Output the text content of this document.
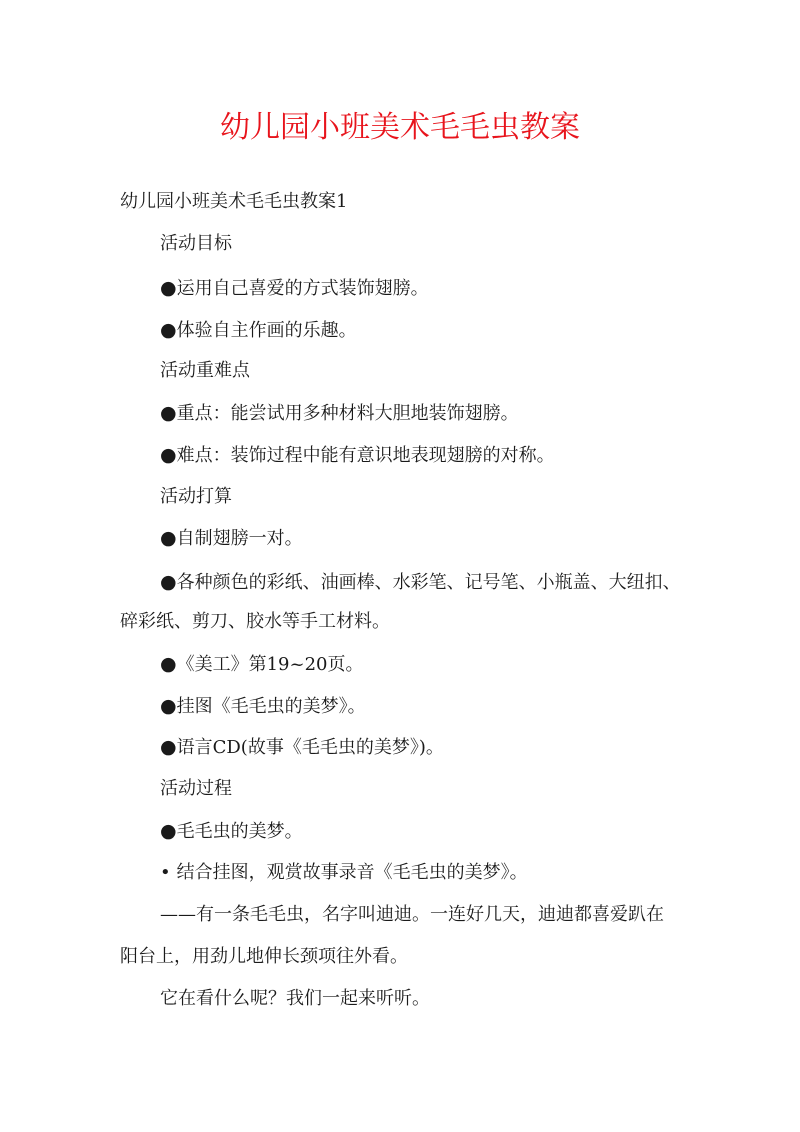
幼儿园小班美术毛毛虫教案

幼儿园小班美术毛毛虫教案1

活动目标

●运用自己喜爱的方式装饰翅膀。

●体验自主作画的乐趣。

活动重难点

●重点：能尝试用多种材料大胆地装饰翅膀。

●难点：装饰过程中能有意识地表现翅膀的对称。

活动打算

●自制翅膀一对。

●各种颜色的彩纸、油画棒、水彩笔、记号笔、小瓶盖、大纽扣、

碎彩纸、剪刀、胶水等手工材料。

●《美工》第19~20页。

●挂图《毛毛虫的美梦》。

●语言CD(故事《毛毛虫的美梦》)。

活动过程

●毛毛虫的美梦。

• 结合挂图，观赏故事录音《毛毛虫的美梦》。

——有一条毛毛虫，名字叫迪迪。一连好几天，迪迪都喜爱趴在

阳台上，用劲儿地伸长颈项往外看。

它在看什么呢？我们一起来听听。
